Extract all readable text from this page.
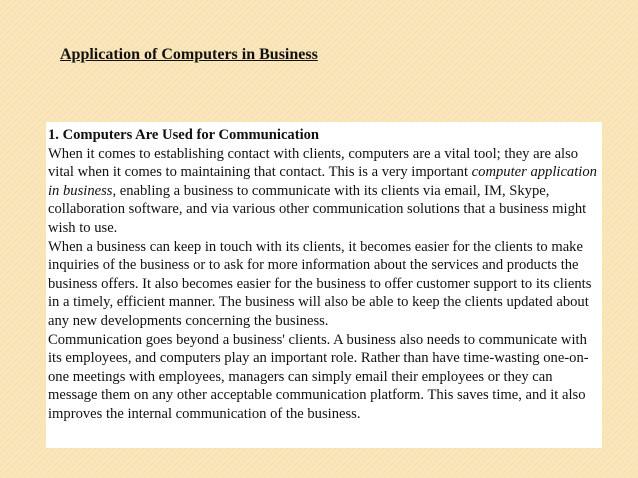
Application of Computers in Business
1. Computers Are Used for Communication

When it comes to establishing contact with clients, computers are a vital tool; they are also vital when it comes to maintaining that contact. This is a very important computer application in business, enabling a business to communicate with its clients via email, IM, Skype, collaboration software, and via various other communication solutions that a business might wish to use.

When a business can keep in touch with its clients, it becomes easier for the clients to make inquiries of the business or to ask for more information about the services and products the business offers. It also becomes easier for the business to offer customer support to its clients in a timely, efficient manner. The business will also be able to keep the clients updated about any new developments concerning the business.

Communication goes beyond a business' clients. A business also needs to communicate with its employees, and computers play an important role. Rather than have time-wasting one-on-one meetings with employees, managers can simply email their employees or they can message them on any other acceptable communication platform. This saves time, and it also improves the internal communication of the business.
